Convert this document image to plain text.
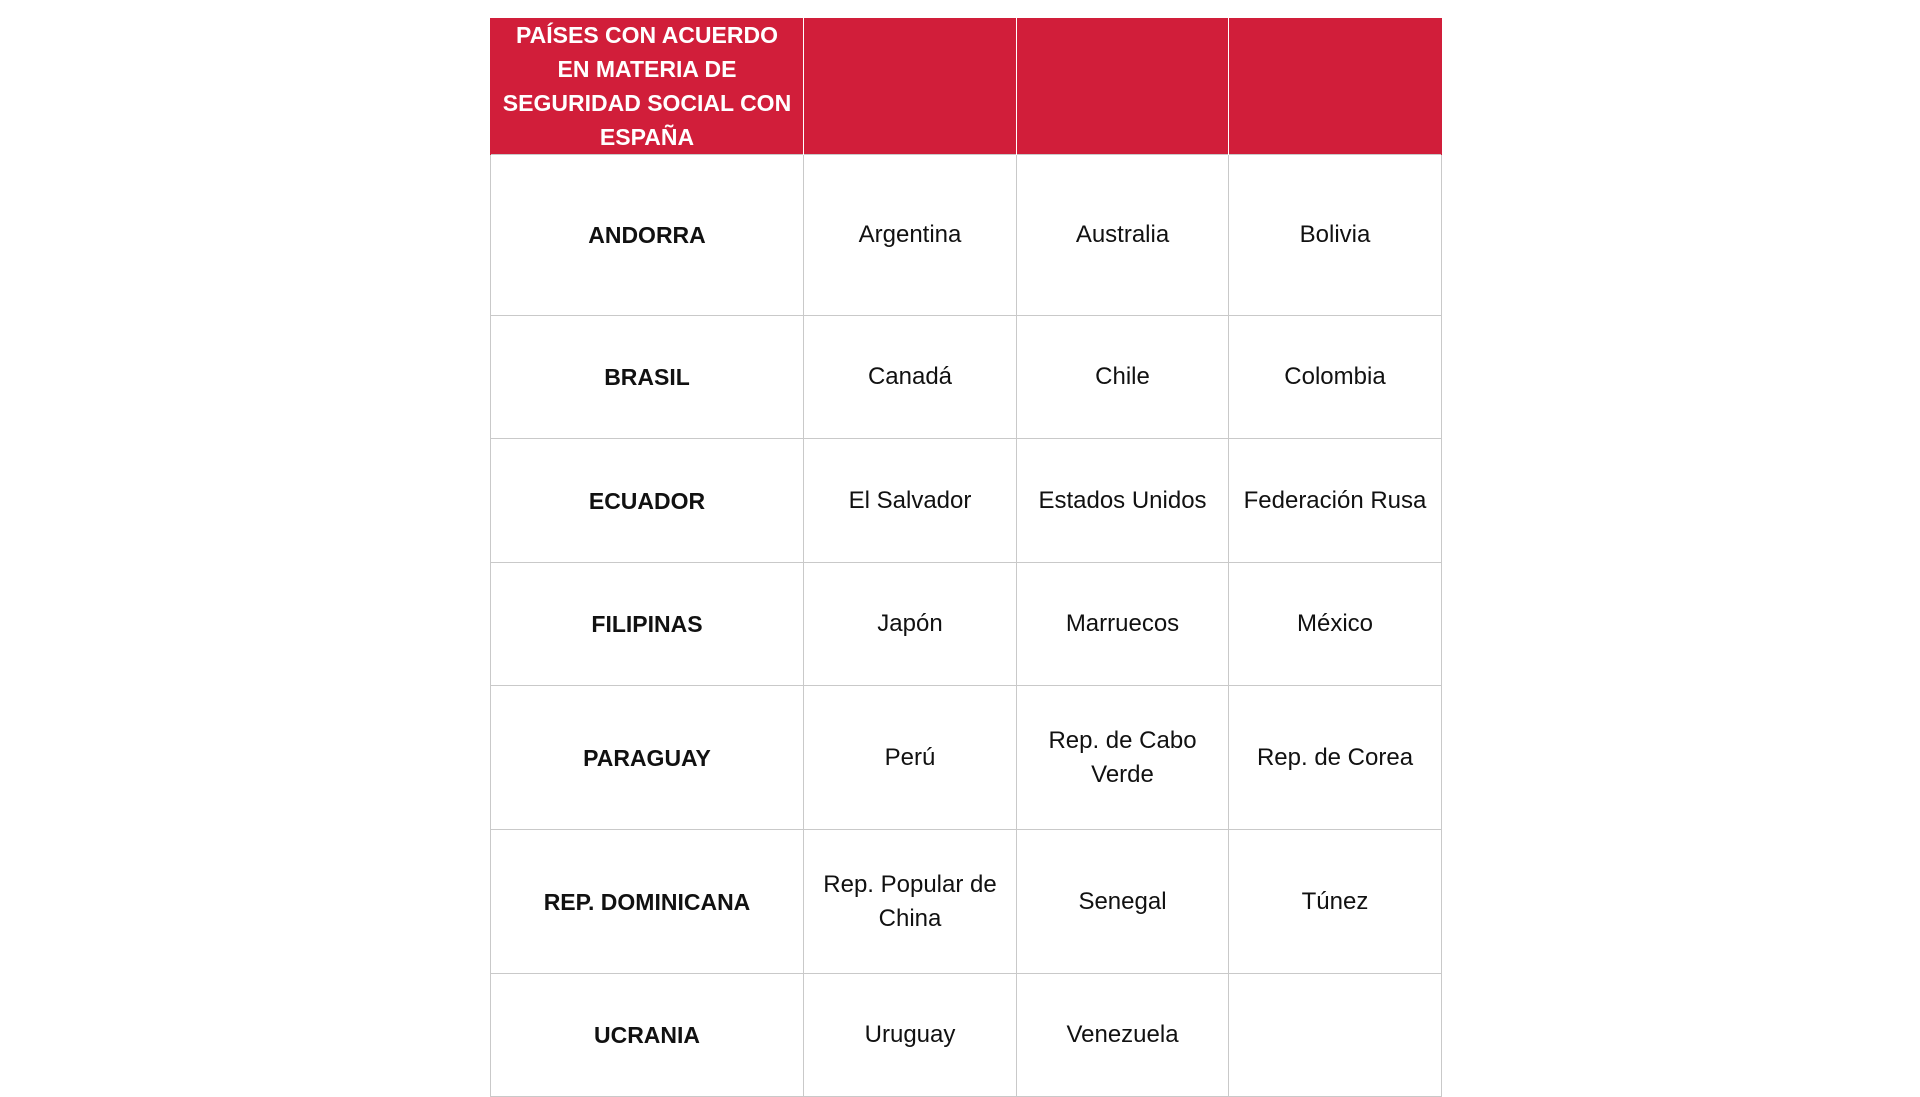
PAÍSES CON ACUERDO EN MATERIA DE SEGURIDAD SOCIAL CON ESPAÑA			
ANDORRA	Argentina	Australia	Bolivia
BRASIL	Canadá	Chile	Colombia
ECUADOR	El Salvador	Estados Unidos	Federación Rusa
FILIPINAS	Japón	Marruecos	México
PARAGUAY	Perú	Rep. de Cabo Verde	Rep. de Corea
REP. DOMINICANA	Rep. Popular de China	Senegal	Túnez
UCRANIA	Uruguay	Venezuela	
